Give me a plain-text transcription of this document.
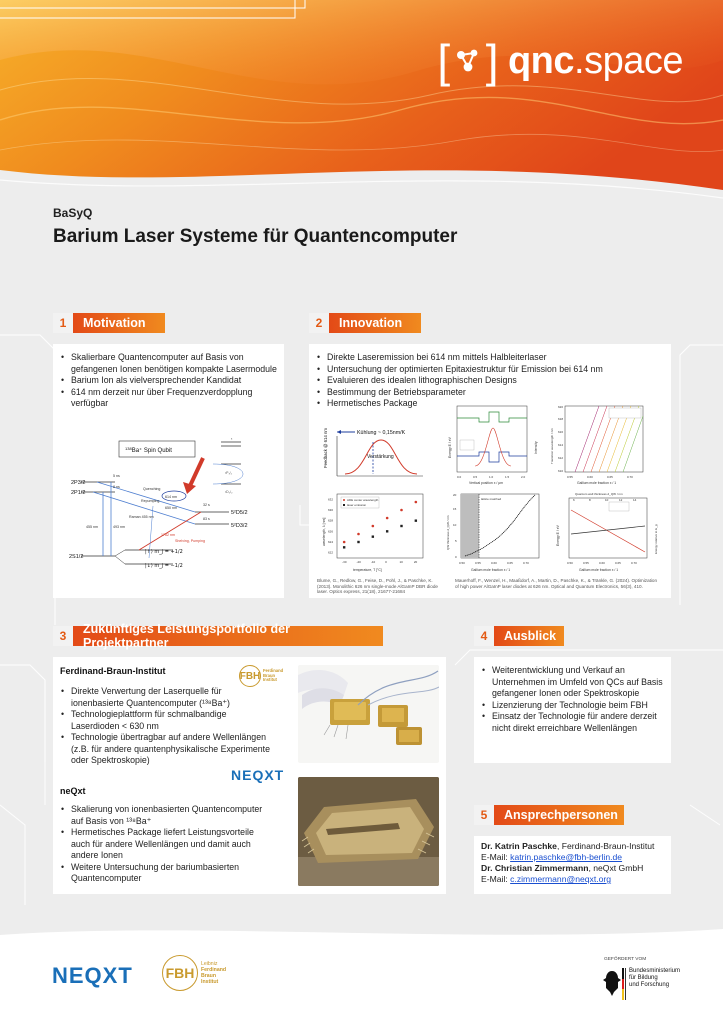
[ ] qnc.space
BaSyQ
Barium Laser Systeme für Quantencomputer
1	Motivation
• Skalierbare Quantencomputer auf Basis von gefangenen Ionen benötigen kompakte Lasermodule
• Barium Ion als vielversprechender Kandidat
• 614 nm derzeit nur über Frequenzverdopplung verfügbar
$^{138}$Ba⁺ Spin Qubit
²P₁/₂
²D₅/₂
ε
2P3/2
2P1/2
5²D5/2
5²D3/2
2S1/2
614 nm
455 nm	493 nm
650 nm
1762 nm
Raman 455 nm
Quenching
Repumping
Shelving, Pumping
5 ns
8 ns
32 s
83 s
|↑⟩ m_j = +1/2
|↓⟩ m_j = −1/2
2	Innovation
• Direkte Laseremission bei 614 nm mittels Halbleiterlaser
• Untersuchung der optimierten Epitaxiestruktur für Emission bei 614 nm
• Evaluieren des idealen lithographischen Designs
• Bestimmung der Betriebsparameter
• Hermetisches Package
Kühlung ~ 0,15nm/K
Feedback @ 614 nm	Verstärkung
0.0	0.5	1.0	1.5	2.0
Vertical position x / µm
Energy E / eV	Intensity
0.55	0.60	0.65	0.70
610
612
614
616
618
620
Gallium mole fraction x / 1
Transition wavelength / nm
ADE center wavelength
laser emission
temperature, T [°C]
wavelength, λ [nm]
-30	-20	-10	0	10	20
622
624
626
628
630
632	lattice matched
0.50	0.55	0.60	0.65	0.70
0
5
10
15
20
Gallium mole fraction x / 1
QW thickness d_QW / nm
Quantum well thickness d_QW / nm
0.50	0.55	0.60	0.65	0.70
6	8	10	12	14
Gallium mole fraction x / 1
Energy E / eV	Energy relative to E_g
Blume, G., Redlow, G., Feise, D., Pohl, J., & Paschke, K. (2013). Monolithic 626 nm single-mode AlGaInP DBR diode laser. Optics express, 21(18), 21677-21684
Mauerhoff, F., Wenzel, H., Maaßdorf, A., Martin, D., Paschke, K., & Tränkle, G. (2024). Optimization of high power AlGaInP laser diodes at 626 nm. Optical and Quantum Electronics, 56(3), 410.
3	Zukünftiges Leistungsportfolio der Projektpartner
Ferdinand-Braun-Institut	FBH Ferdinand
Braun
Institut
• Direkte Verwertung der Laserquelle für ionenbasierte Quantencomputer (¹³⁸Ba⁺)
• Technologieplattform für schmalbandige Laserdioden < 630 nm
• Technologie übertragbar auf andere Wellenlängen (z.B. für andere quantenphysikalische Experimente oder Spektroskopie)
NEQXT
neQxt
• Skalierung von ionenbasierten Quantencomputer auf Basis von ¹³⁸Ba⁺
• Hermetisches Package liefert Leistungsvorteile auch für andere Wellenlängen und damit auch andere Ionen
• Weitere Untersuchung der bariumbasierten Quantencomputer
4	Ausblick
• Weiterentwicklung und Verkauf an Unternehmen im Umfeld von QCs auf Basis gefangener Ionen oder Spektroskopie
• Lizenzierung der Technologie beim FBH
• Einsatz der Technologie für andere derzeit nicht direkt erreichbare Wellenlängen
5	Ansprechpersonen
Dr. Katrin Paschke, Ferdinand-Braun-Institut
E-Mail: katrin.paschke@fbh-berlin.de
Dr. Christian Zimmermann, neQxt GmbH
E-Mail: c.zimmermann@neqxt.org
NEQXT FBH
Leibniz
Ferdinand
Braun
Institut
GEFÖRDERT VOM
Bundesministerium
für Bildung
und Forschung
